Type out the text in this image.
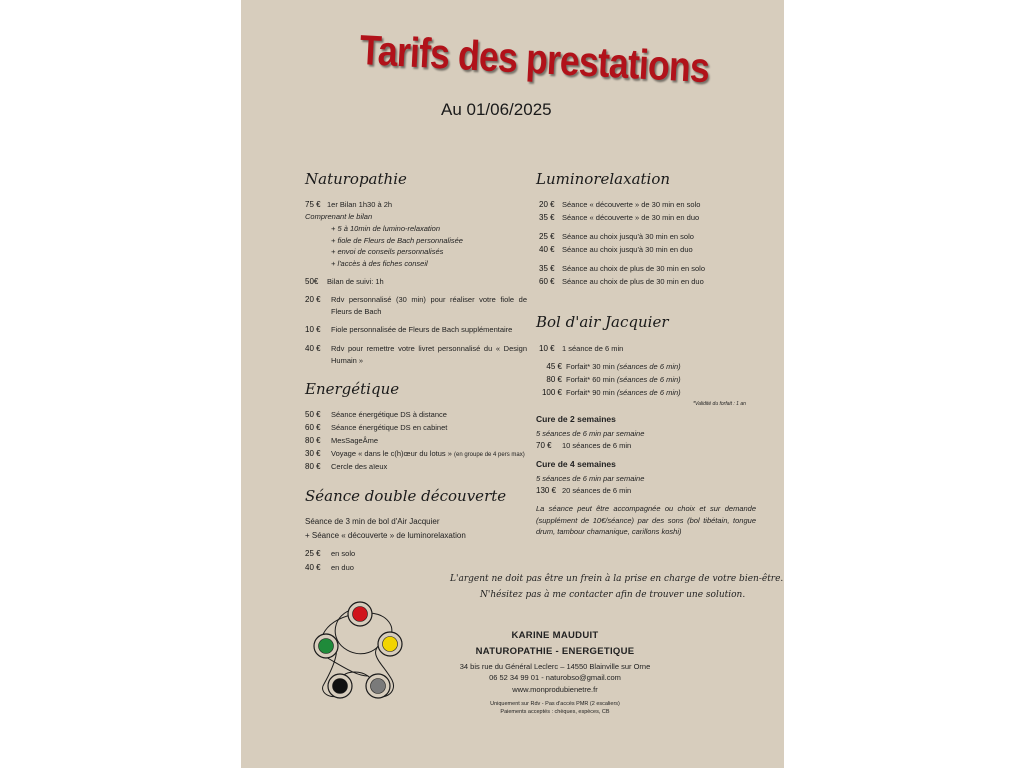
Tarifs des prestations
Au 01/06/2025
Naturopathie
75 € 1er Bilan 1h30 à 2h
Comprenant le bilan
+ 5 à 10min de lumino-relaxation
+ fiole de Fleurs de Bach personnalisée
+ envoi de conseils personnalisés
+ l'accès à des fiches conseil
50€ Bilan de suivi: 1h
20 €	Rdv personnalisé (30 min) pour réaliser votre fiole de Fleurs de Bach
10 € Fiole personnalisée de Fleurs de Bach supplémentaire
40 €	Rdv pour remettre votre livret personnalisé du « Design Humain »
Energétique
50 € Séance énergétique DS à distance
60 € Séance énergétique DS en cabinet
80 € MesSageÂme
30 € Voyage « dans le c(h)œur du lotus » (en groupe de 4 pers max)
80 € Cercle des aïeux
Séance double découverte
Séance de 3 min de bol d'Air Jacquier
+ Séance « découverte » de luminorelaxation
25 € en solo
40 € en duo
Luminorelaxation
20 € Séance « découverte » de 30 min en solo
35 € Séance « découverte » de 30 min en duo
25 € Séance au choix jusqu'à 30 min en solo
40 € Séance au choix jusqu'à 30 min en duo
35 € Séance au choix de plus de 30 min en solo
60 € Séance au choix de plus de 30 min en duo
Bol d'air Jacquier
10 € 1 séance de 6 min
45 € Forfait* 30 min (séances de 6 min)
80 € Forfait* 60 min (séances de 6 min)
100 € Forfait* 90 min (séances de 6 min)
*Validité du forfait : 1 an
Cure de 2 semaines
5 séances de 6 min par semaine
70 € 10 séances de 6 min
Cure de 4 semaines
5 séances de 6 min par semaine
130 € 20 séances de 6 min
La séance peut être accompagnée ou choix et sur demande (supplément de 10€/séance) par des sons (bol tibétain, tongue drum, tambour chamanique, carillons koshi)
L'argent ne doit pas être un frein à la prise en charge de votre bien-être.
N'hésitez pas à me contacter afin de trouver une solution.
KARINE MAUDUIT
NATUROPATHIE - ENERGETIQUE
34 bis rue du Général Leclerc – 14550 Blainville sur Orne
06 52 34 99 01 - naturobso@gmail.com
www.monprodubienetre.fr
Uniquement sur Rdv - Pas d'accès PMR (2 escaliers)
Paiements acceptés : chèques, espèces, CB
